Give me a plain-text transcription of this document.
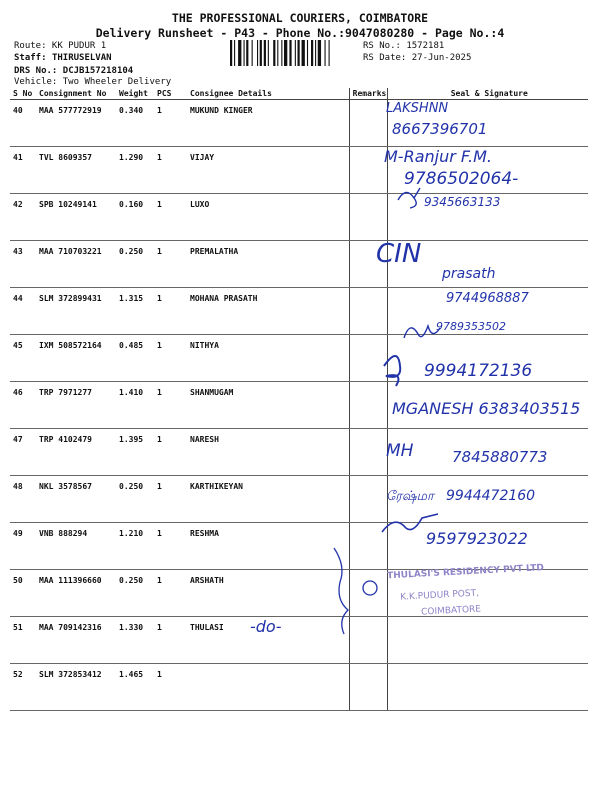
THE PROFESSIONAL COURIERS, COIMBATORE
Delivery Runsheet - P43 - Phone No.:9047080280 - Page No.:4
Route: KK PUDUR 1
Staff: THIRUSELVAN
DRS No.: DCJB157218104
Vehicle: Two Wheeler Delivery
RS No.: 1572181
RS Date: 27-Jun-2025
S No	Consignment No	Weight	PCS	Consignee Details	Remarks	Seal & Signature
40	MAA 577772919	0.340	1	MUKUND KINGER		
41	TVL 8609357	1.290	1	VIJAY		
42	SPB 10249141	0.160	1	LUXO		
43	MAA 710703221	0.250	1	PREMALATHA		
44	SLM 372899431	1.315	1	MOHANA PRASATH		
45	IXM 508572164	0.485	1	NITHYA		
46	TRP 7971277	1.410	1	SHANMUGAM		
47	TRP 4102479	1.395	1	NARESH		
48	NKL 3578567	0.250	1	KARTHIKEYAN		
49	VNB 888294	1.210	1	RESHMA		
50	MAA 111396660	0.250	1	ARSHATH		
51	MAA 709142316	1.330	1	THULASI		
52	SLM 372853412	1.465	1			
LAKSHNN
8667396701
M-Ranjur F.M.
9786502064-
9345663133
CIN
prasath
9744968887
9789353502
9994172136
MGANESH 6383403515
MH	7845880773
ரேஷ்மா 9944472160
9597923022
THULASI'S RESIDENCY PVT LTD
K.K.PUDUR POST,
COIMBATORE
-do-
